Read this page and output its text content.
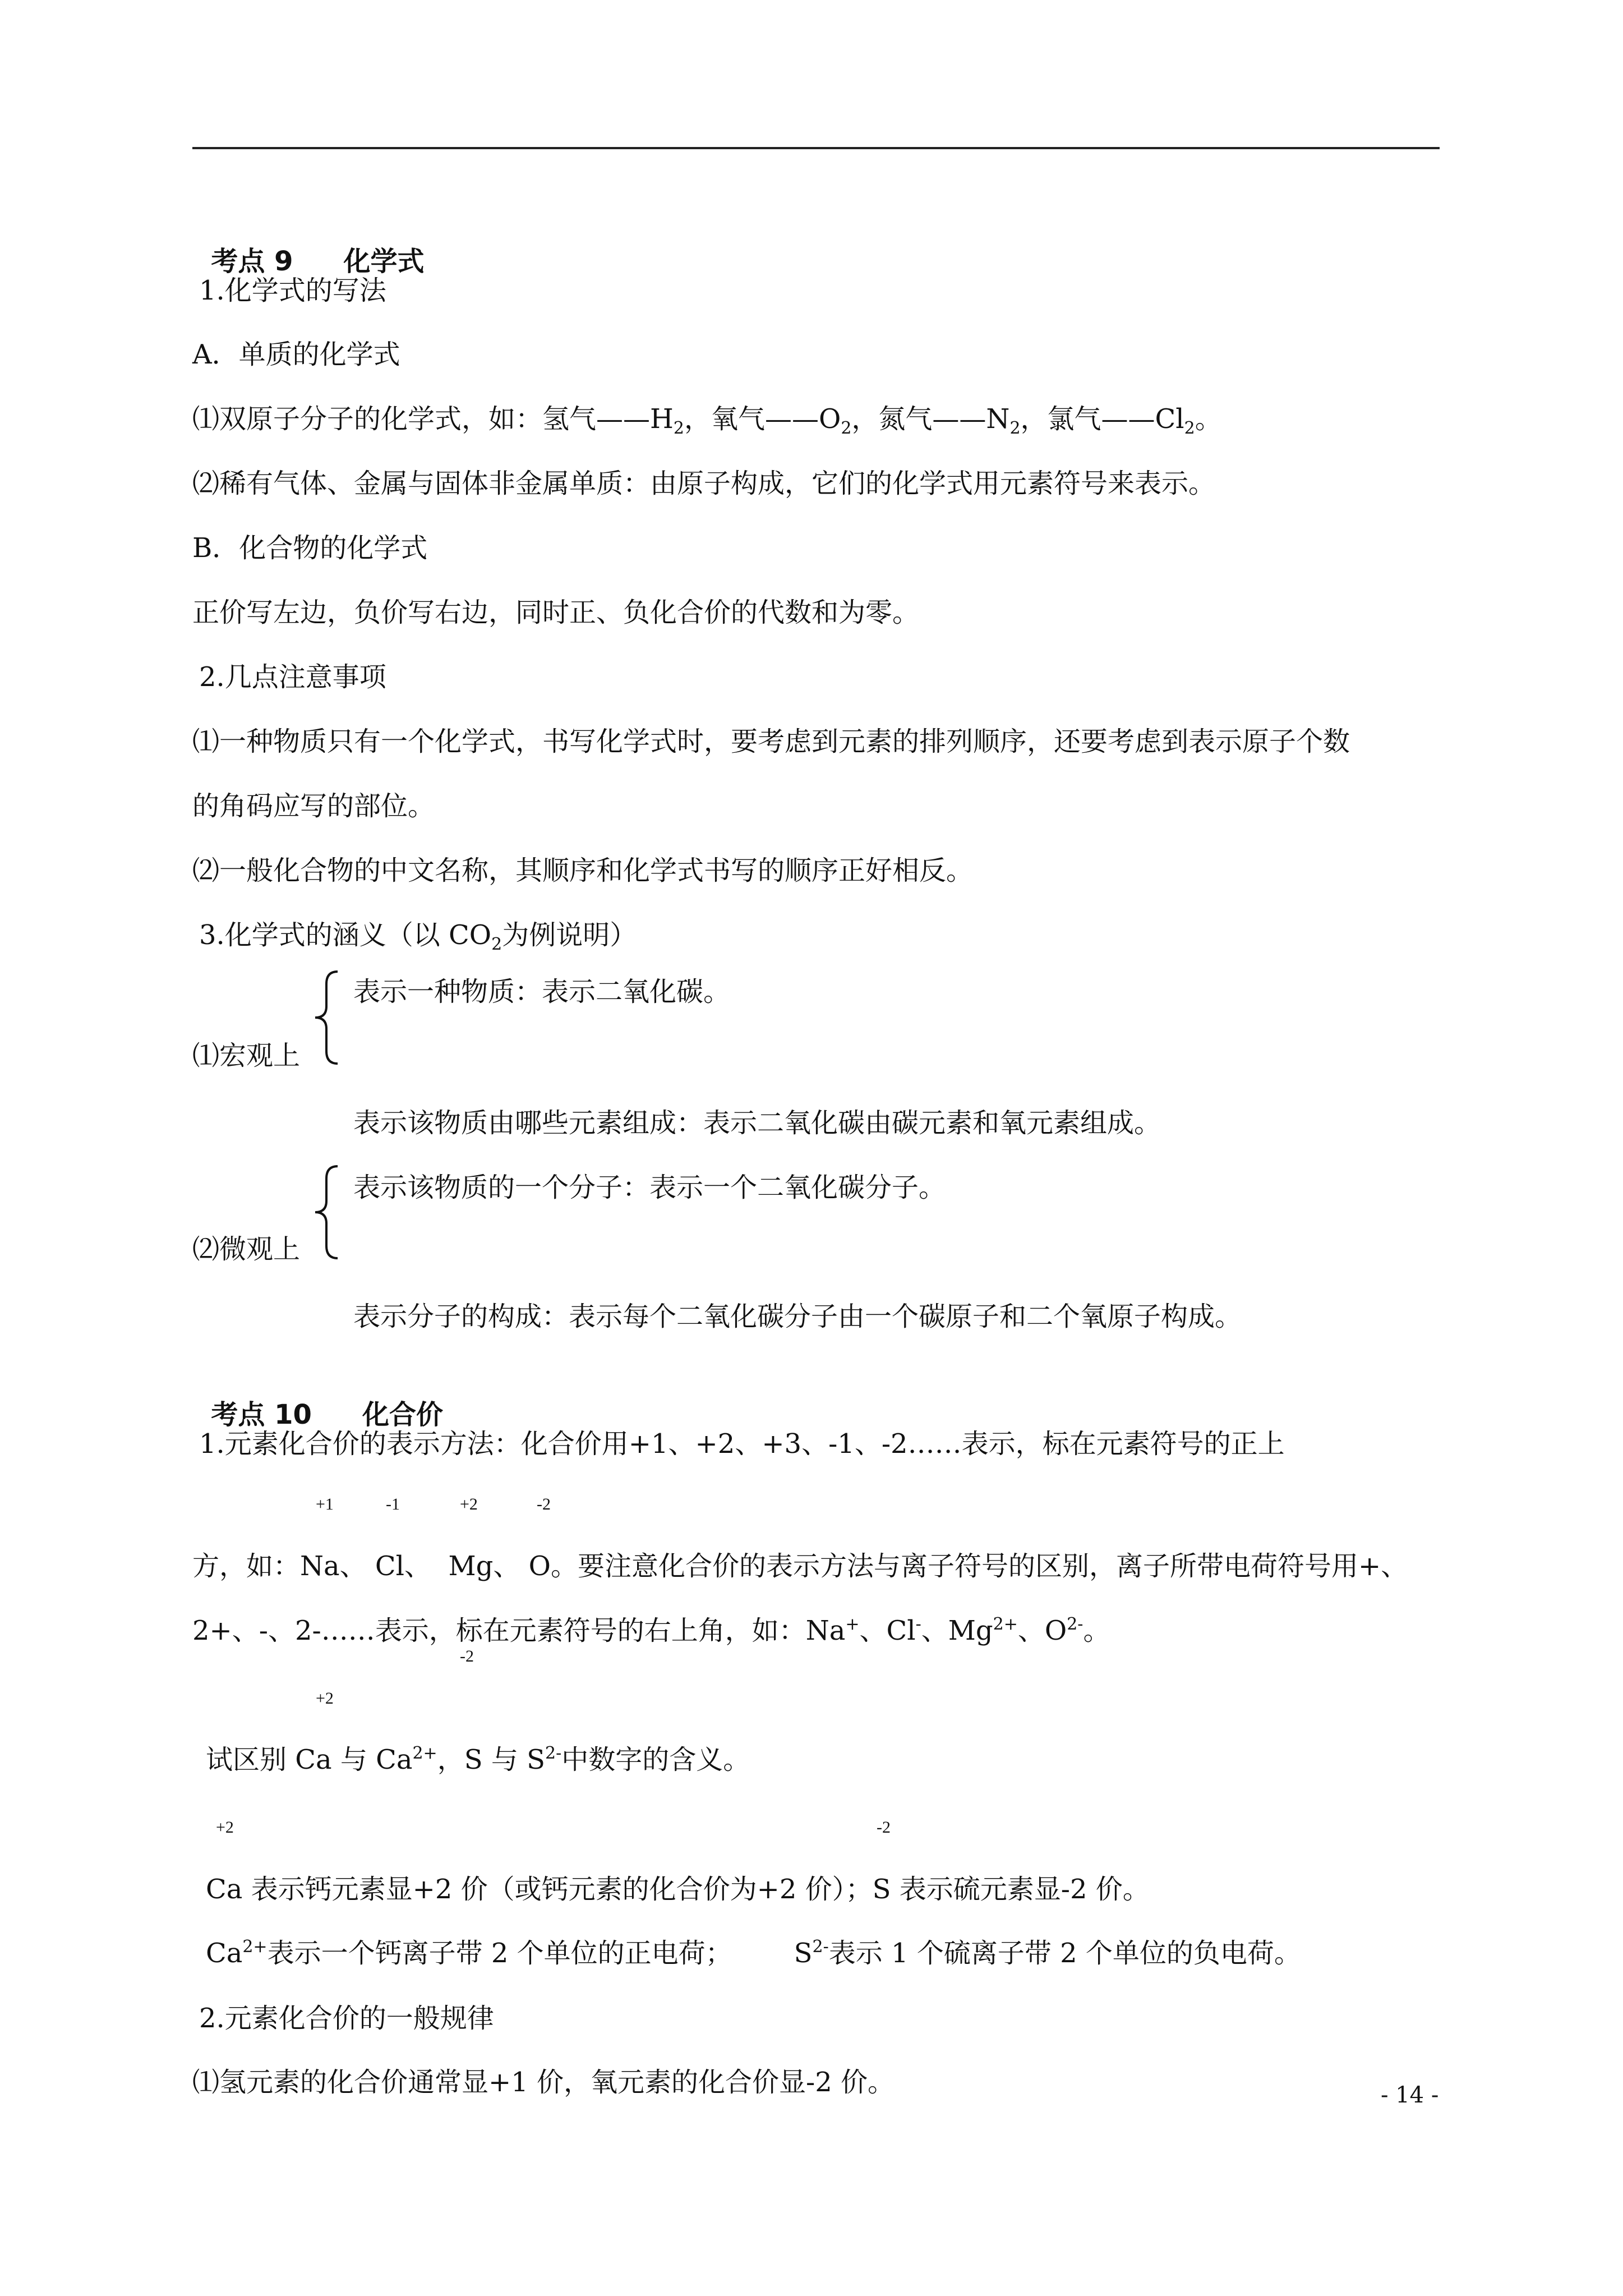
考点 9 化学式

1.化学式的写法
A．单质的化学式
⑴双原子分子的化学式，如：氢气$——H_2$，氧气$——O_2$，氮气$——N_2$，氯气$——Cl_2$。
⑵稀有气体、金属与固体非金属单质：由原子构成，它们的化学式用元素符号来表示。
B．化合物的化学式
正价写左边，负价写右边，同时正、负化合价的代数和为零。
2.几点注意事项
⑴一种物质只有一个化学式，书写化学式时，要考虑到元素的排列顺序，还要考虑到表示原子个数
的角码应写的部位。
⑵一般化合物的中文名称，其顺序和化学式书写的顺序正好相反。
3.化学式的涵义（以 $CO_2$为例说明）
表示一种物质：表示二氧化碳。
⑴宏观上
表示该物质由哪些元素组成：表示二氧化碳由碳元素和氧元素组成。
表示该物质的一个分子：表示一个二氧化碳分子。
⑵微观上
表示分子的构成：表示每个二氧化碳分子由一个碳原子和二个氧原子构成。

考点 10 化合价

1.元素化合价的表示方法：化合价用+1、+2、+3、-1、-2……表示，标在元素符号的正上
+1	-1	+2	-2
方，如：Na、 Cl、  Mg、 O。要注意化合价的表示方法与离子符号的区别，离子所带电荷符号用+、
2+、-、2-……表示，标在元素符号的右上角，如：Na+、Cl-、$Mg^{2+}$、$O^{2-}$。
-2
+2
试区别 Ca 与 $Ca^{2+}$，S 与 $S^{2-}$中数字的含义。
+2	-2
Ca 表示钙元素显+2 价（或钙元素的化合价为+2 价）；S 表示硫元素显-2 价。
$Ca^{2+}$表示一个钙离子带 2 个单位的正电荷； $S^{2-}$表示 1 个硫离子带 2 个单位的负电荷。
2.元素化合价的一般规律
⑴氢元素的化合价通常显+1 价，氧元素的化合价显-2 价。	- 14 -
